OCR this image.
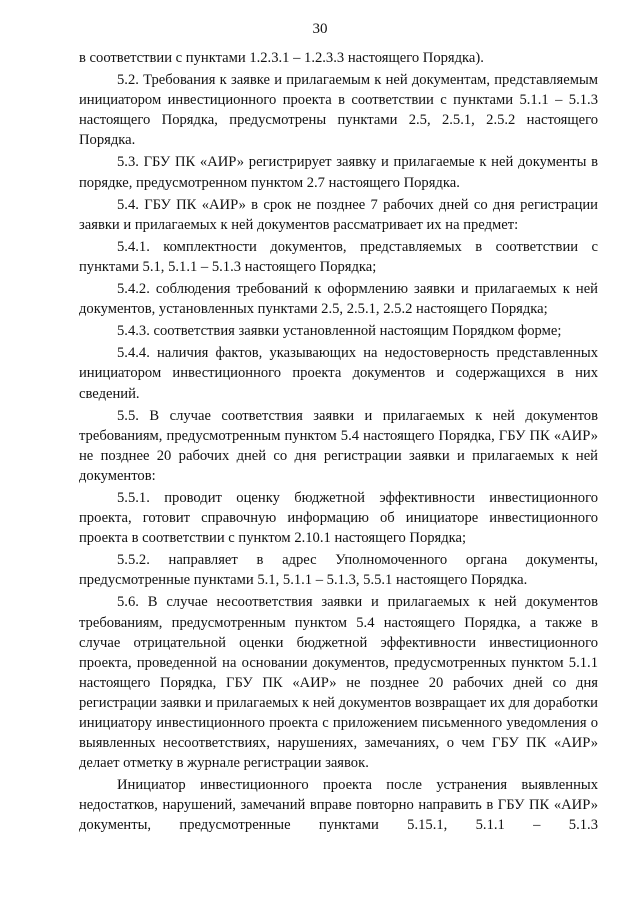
30

в соответствии с пунктами 1.2.3.1 – 1.2.3.3 настоящего Порядка).

5.2. Требования к заявке и прилагаемым к ней документам, представляемым инициатором инвестиционного проекта в соответствии с пунктами 5.1.1 – 5.1.3 настоящего Порядка, предусмотрены пунктами 2.5, 2.5.1, 2.5.2 настоящего Порядка.

5.3. ГБУ ПК «АИР» регистрирует заявку и прилагаемые к ней документы в порядке, предусмотренном пунктом 2.7 настоящего Порядка.

5.4. ГБУ ПК «АИР» в срок не позднее 7 рабочих дней со дня регистрации заявки и прилагаемых к ней документов рассматривает их на предмет:

5.4.1. комплектности документов, представляемых в соответствии с пунктами 5.1, 5.1.1 – 5.1.3 настоящего Порядка;

5.4.2. соблюдения требований к оформлению заявки и прилагаемых к ней документов, установленных пунктами 2.5, 2.5.1, 2.5.2 настоящего Порядка;

5.4.3. соответствия заявки установленной настоящим Порядком форме;

5.4.4. наличия фактов, указывающих на недостоверность представленных инициатором инвестиционного проекта документов и содержащихся в них сведений.

5.5. В случае соответствия заявки и прилагаемых к ней документов требованиям, предусмотренным пунктом 5.4 настоящего Порядка, ГБУ ПК «АИР» не позднее 20 рабочих дней со дня регистрации заявки и прилагаемых к ней документов:

5.5.1. проводит оценку бюджетной эффективности инвестиционного проекта, готовит справочную информацию об инициаторе инвестиционного проекта в соответствии с пунктом 2.10.1 настоящего Порядка;

5.5.2. направляет в адрес Уполномоченного органа документы, предусмотренные пунктами 5.1, 5.1.1 – 5.1.3, 5.5.1 настоящего Порядка.

5.6. В случае несоответствия заявки и прилагаемых к ней документов требованиям, предусмотренным пунктом 5.4 настоящего Порядка, а также в случае отрицательной оценки бюджетной эффективности инвестиционного проекта, проведенной на основании документов, предусмотренных пунктом 5.1.1 настоящего Порядка, ГБУ ПК «АИР» не позднее 20 рабочих дней со дня регистрации заявки и прилагаемых к ней документов возвращает их для доработки инициатору инвестиционного проекта с приложением письменного уведомления о выявленных несоответствиях, нарушениях, замечаниях, о чем ГБУ ПК «АИР» делает отметку в журнале регистрации заявок.

Инициатор инвестиционного проекта после устранения выявленных недостатков, нарушений, замечаний вправе повторно направить в ГБУ ПК «АИР» документы, предусмотренные пунктами 5.15.1, 5.1.1 – 5.1.3
